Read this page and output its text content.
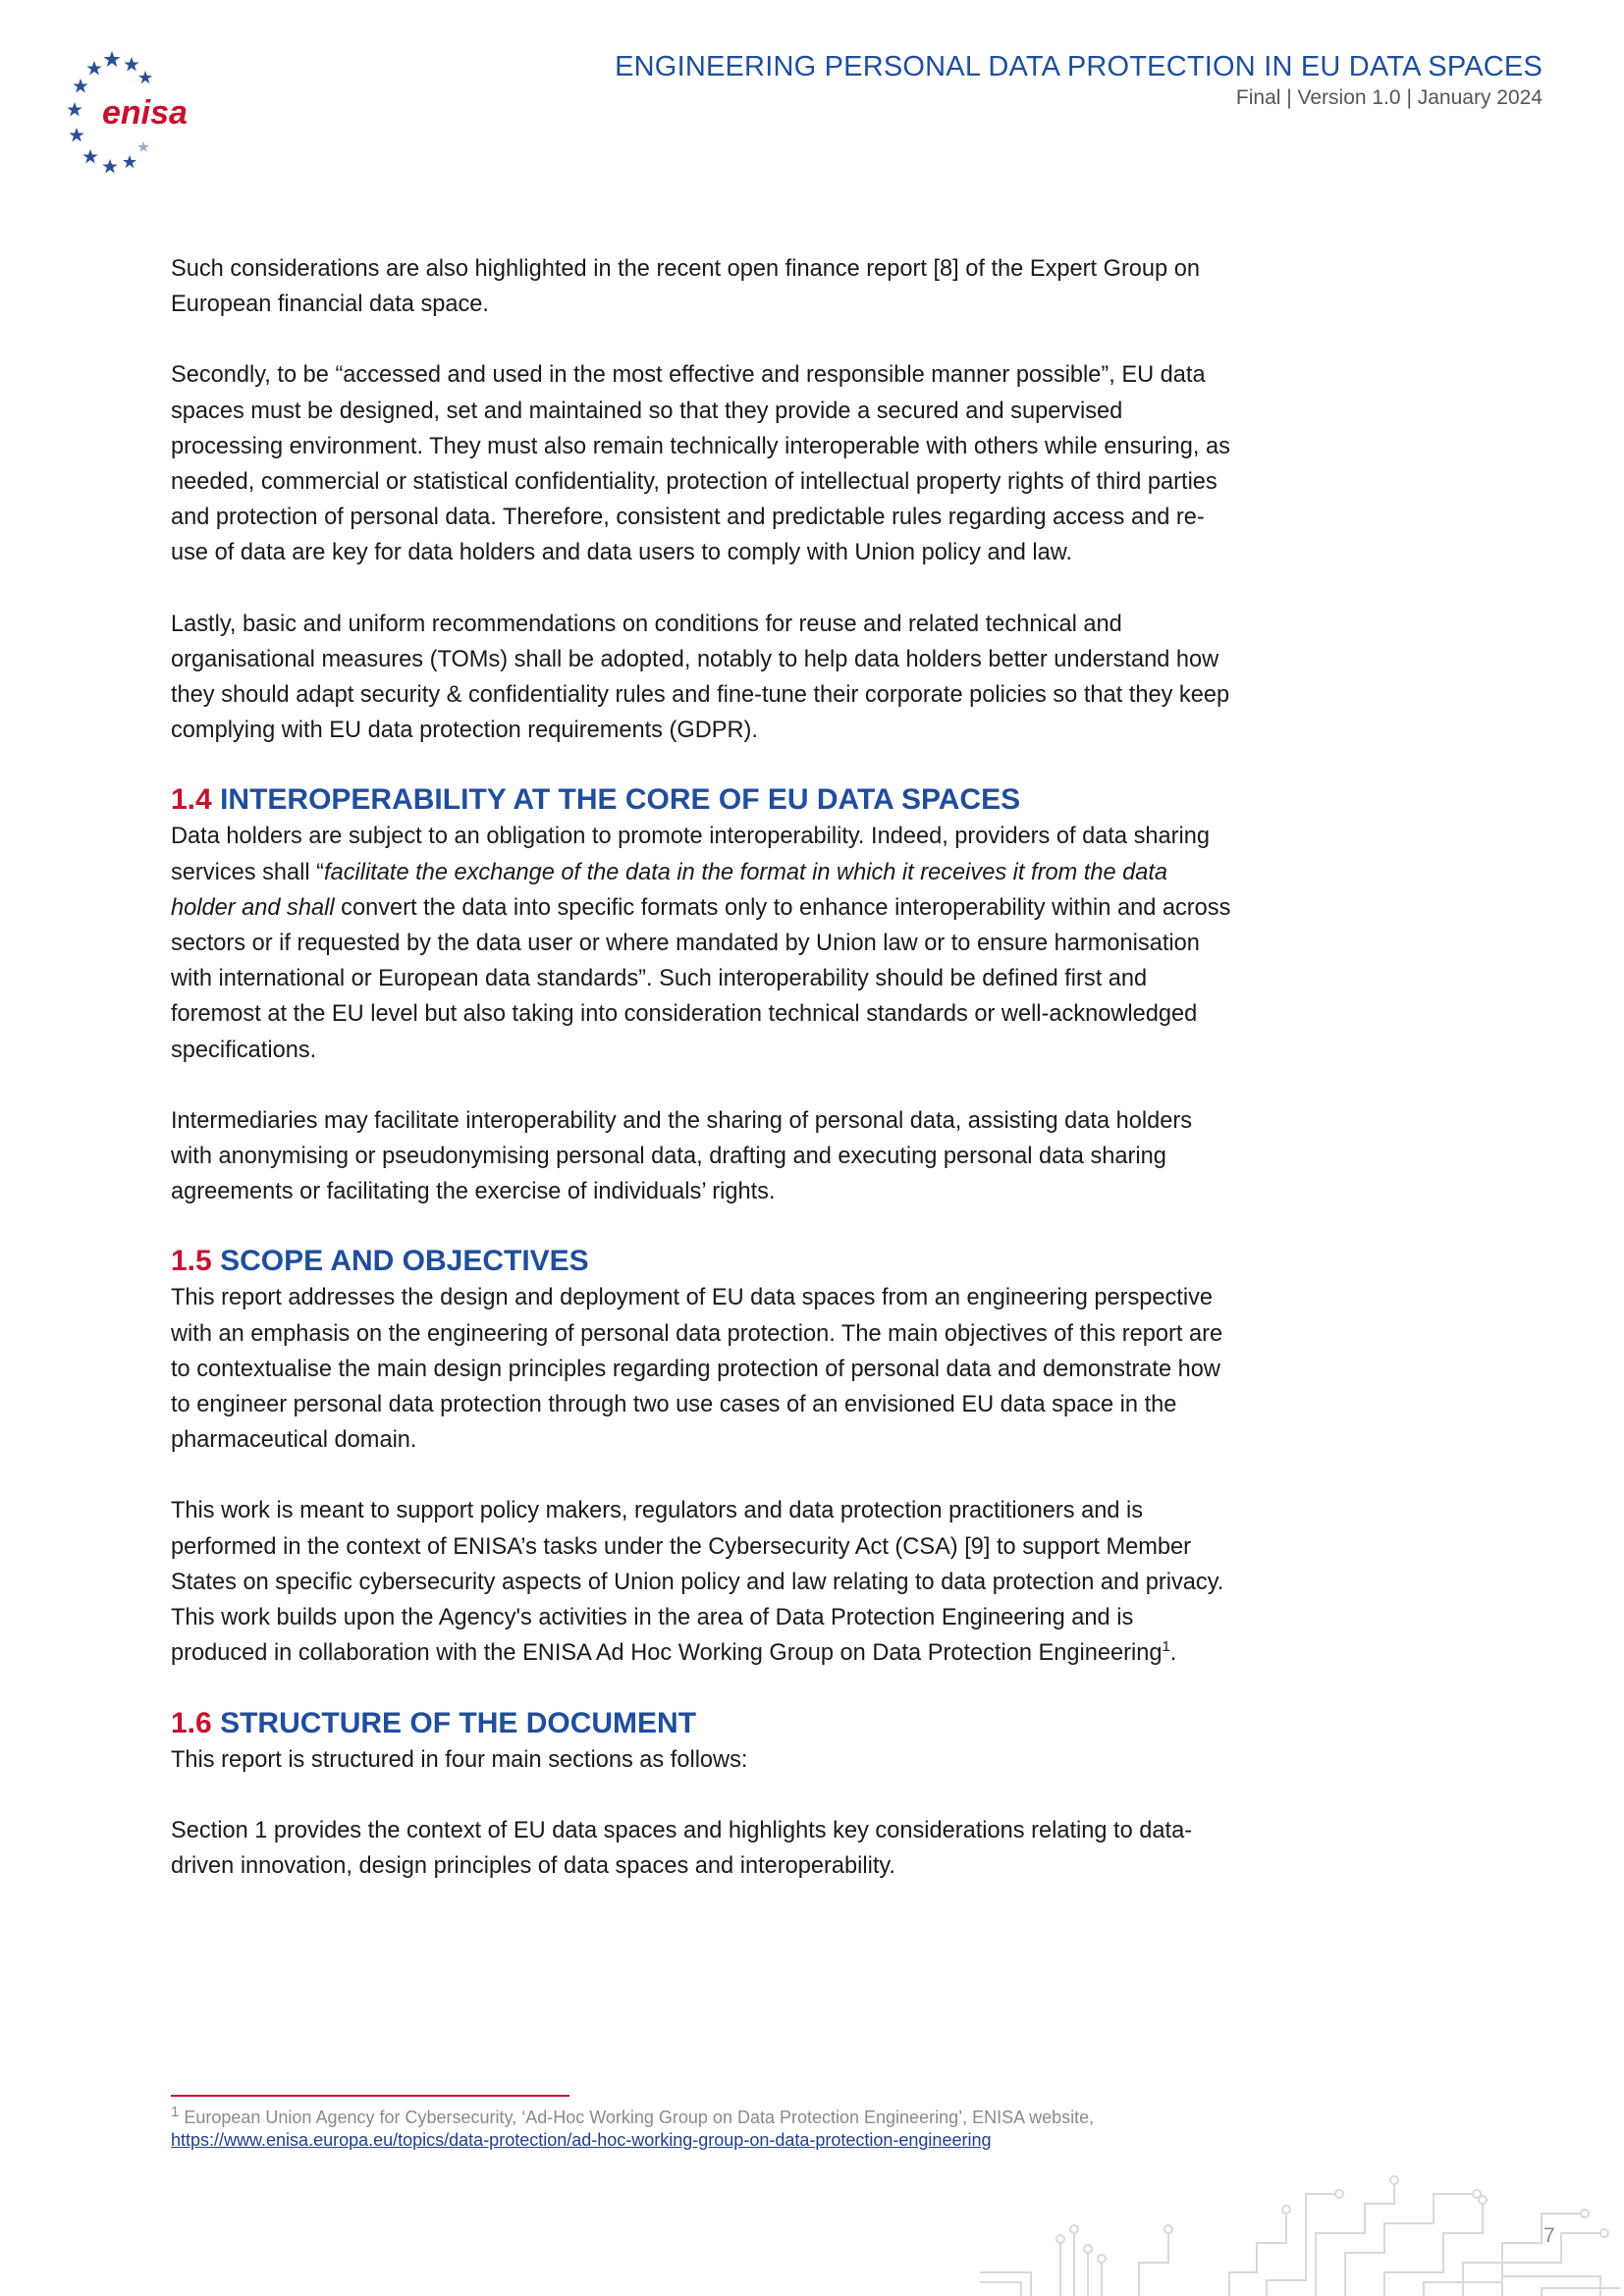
enisa
ENGINEERING PERSONAL DATA PROTECTION IN EU DATA SPACES
Final | Version 1.0 | January 2024

Such considerations are also highlighted in the recent open finance report [8] of the Expert Group on European financial data space.

Secondly, to be “accessed and used in the most effective and responsible manner possible”, EU data spaces must be designed, set and maintained so that they provide a secured and supervised processing environment. They must also remain technically interoperable with others while ensuring, as needed, commercial or statistical confidentiality, protection of intellectual property rights of third parties and protection of personal data. Therefore, consistent and predictable rules regarding access and re-use of data are key for data holders and data users to comply with Union policy and law.

Lastly, basic and uniform recommendations on conditions for reuse and related technical and organisational measures (TOMs) shall be adopted, notably to help data holders better understand how they should adapt security & confidentiality rules and fine-tune their corporate policies so that they keep complying with EU data protection requirements (GDPR).

1.4 INTEROPERABILITY AT THE CORE OF EU DATA SPACES

Data holders are subject to an obligation to promote interoperability. Indeed, providers of data sharing services shall “facilitate the exchange of the data in the format in which it receives it from the data holder and shall convert the data into specific formats only to enhance interoperability within and across sectors or if requested by the data user or where mandated by Union law or to ensure harmonisation with international or European data standards”. Such interoperability should be defined first and foremost at the EU level but also taking into consideration technical standards or well-acknowledged specifications.

Intermediaries may facilitate interoperability and the sharing of personal data, assisting data holders with anonymising or pseudonymising personal data, drafting and executing personal data sharing agreements or facilitating the exercise of individuals’ rights.

1.5 SCOPE AND OBJECTIVES

This report addresses the design and deployment of EU data spaces from an engineering perspective with an emphasis on the engineering of personal data protection. The main objectives of this report are to contextualise the main design principles regarding protection of personal data and demonstrate how to engineer personal data protection through two use cases of an envisioned EU data space in the pharmaceutical domain.

This work is meant to support policy makers, regulators and data protection practitioners and is performed in the context of ENISA’s tasks under the Cybersecurity Act (CSA) [9] to support Member States on specific cybersecurity aspects of Union policy and law relating to data protection and privacy. This work builds upon the Agency's activities in the area of Data Protection Engineering and is produced in collaboration with the ENISA Ad Hoc Working Group on Data Protection Engineering$^1$.

1.6 STRUCTURE OF THE DOCUMENT

This report is structured in four main sections as follows:

Section 1 provides the context of EU data spaces and highlights key considerations relating to data-driven innovation, design principles of data spaces and interoperability.

$^1$ European Union Agency for Cybersecurity, ‘Ad-Hoc Working Group on Data Protection Engineering’, ENISA website,
https://www.enisa.europa.eu/topics/data-protection/ad-hoc-working-group-on-data-protection-engineering
7
